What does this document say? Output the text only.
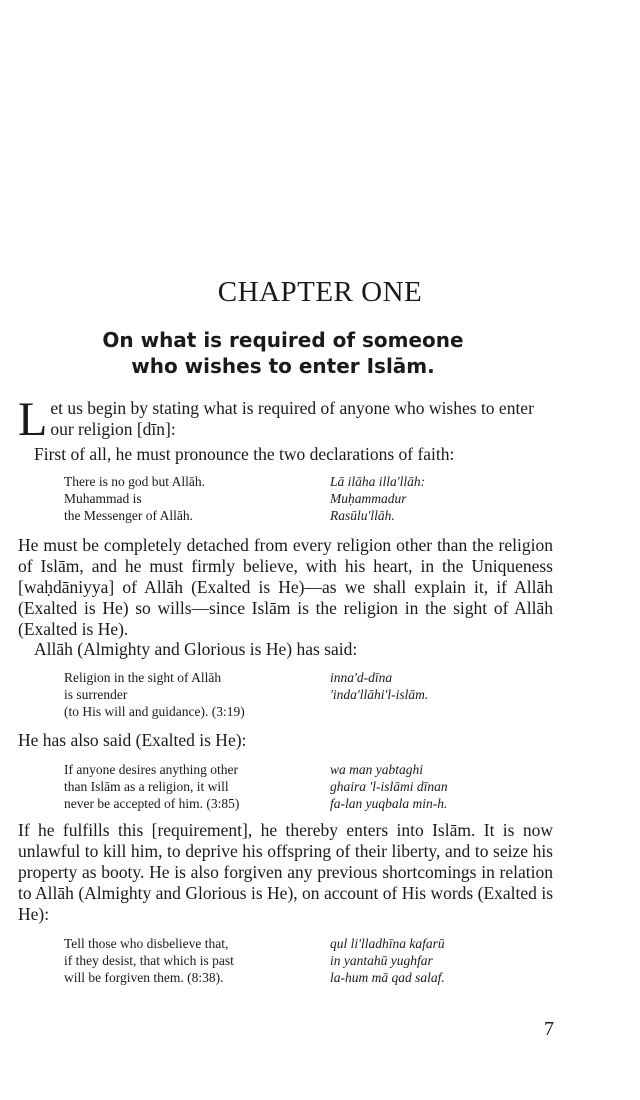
CHAPTER ONE
On what is required of someone
who wishes to enter Islām.

Let us begin by stating what is required of anyone who wishes to enter our religion [dīn]:

First of all, he must pronounce the two declarations of faith:

There is no god but Allāh.
Muhammad is
the Messenger of Allāh.
Lā ilāha illa'llāh:
Muḥammadur
Rasūlu'llāh.

He must be completely detached from every religion other than the religion of Islām, and he must firmly believe, with his heart, in the Uniqueness [waḥdāniyya] of Allāh (Exalted is He)—as we shall explain it, if Allāh (Exalted is He) so wills—since Islām is the religion in the sight of Allāh (Exalted is He).

Allāh (Almighty and Glorious is He) has said:

Religion in the sight of Allāh
is surrender
(to His will and guidance). (3:19)
inna'd-dīna
'inda'llāhi'l-islām.

He has also said (Exalted is He):

If anyone desires anything other
than Islām as a religion, it will
never be accepted of him. (3:85)
wa man yabtaghi
ghaira 'l-islāmi dīnan
fa-lan yuqbala min-h.

If he fulfills this [requirement], he thereby enters into Islām. It is now unlawful to kill him, to deprive his offspring of their liberty, and to seize his property as booty. He is also forgiven any previous shortcomings in relation to Allāh (Almighty and Glorious is He), on account of His words (Exalted is He):

Tell those who disbelieve that,
if they desist, that which is past
will be forgiven them. (8:38).
qul li'lladhīna kafarū
in yantahū yughfar
la-hum mā qad salaf.

7
